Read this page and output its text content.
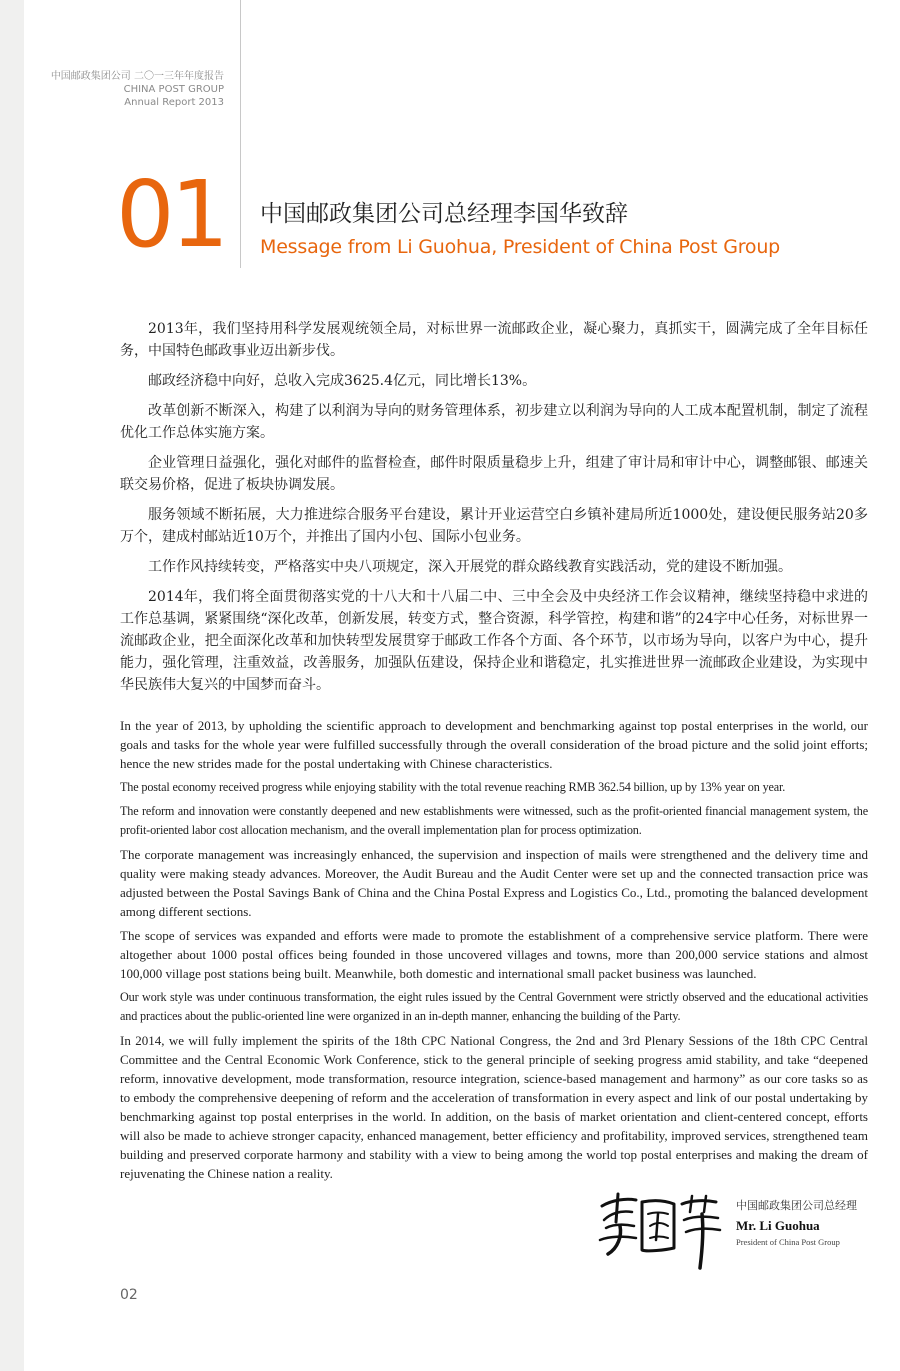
中国邮政集团公司 二〇一三年年度报告
CHINA POST GROUP
Annual Report 2013
01 中国邮政集团公司总经理李国华致辞
Message from Li Guohua, President of China Post Group

2013年，我们坚持用科学发展观统领全局，对标世界一流邮政企业，凝心聚力，真抓实干，圆满完成了全年目标任务，中国特色邮政事业迈出新步伐。

邮政经济稳中向好，总收入完成3625.4亿元，同比增长13%。

改革创新不断深入，构建了以利润为导向的财务管理体系，初步建立以利润为导向的人工成本配置机制，制定了流程优化工作总体实施方案。

企业管理日益强化，强化对邮件的监督检查，邮件时限质量稳步上升，组建了审计局和审计中心，调整邮银、邮速关联交易价格，促进了板块协调发展。

服务领域不断拓展，大力推进综合服务平台建设，累计开业运营空白乡镇补建局所近1000处，建设便民服务站20多万个，建成村邮站近10万个，并推出了国内小包、国际小包业务。

工作作风持续转变，严格落实中央八项规定，深入开展党的群众路线教育实践活动，党的建设不断加强。

2014年，我们将全面贯彻落实党的十八大和十八届二中、三中全会及中央经济工作会议精神，继续坚持稳中求进的工作总基调，紧紧围绕“深化改革，创新发展，转变方式，整合资源，科学管控，构建和谐”的24字中心任务，对标世界一流邮政企业，把全面深化改革和加快转型发展贯穿于邮政工作各个方面、各个环节，以市场为导向，以客户为中心，提升能力，强化管理，注重效益，改善服务，加强队伍建设，保持企业和谐稳定，扎实推进世界一流邮政企业建设，为实现中华民族伟大复兴的中国梦而奋斗。

In the year of 2013, by upholding the scientific approach to development and benchmarking against top postal enterprises in the world, our goals and tasks for the whole year were fulfilled successfully through the overall consideration of the broad picture and the solid joint efforts; hence the new strides made for the postal undertaking with Chinese characteristics.

The postal economy received progress while enjoying stability with the total revenue reaching RMB 362.54 billion, up by 13% year on year.

The reform and innovation were constantly deepened and new establishments were witnessed, such as the profit-oriented financial management system, the profit-oriented labor cost allocation mechanism, and the overall implementation plan for process optimization.

The corporate management was increasingly enhanced, the supervision and inspection of mails were strengthened and the delivery time and quality were making steady advances. Moreover, the Audit Bureau and the Audit Center were set up and the connected transaction price was adjusted between the Postal Savings Bank of China and the China Postal Express and Logistics Co., Ltd., promoting the balanced development among different sections.

The scope of services was expanded and efforts were made to promote the establishment of a comprehensive service platform. There were altogether about 1000 postal offices being founded in those uncovered villages and towns, more than 200,000 service stations and almost 100,000 village post stations being built. Meanwhile, both domestic and international small packet business was launched.

Our work style was under continuous transformation, the eight rules issued by the Central Government were strictly observed and the educational activities and practices about the public-oriented line were organized in an in-depth manner, enhancing the building of the Party.

In 2014, we will fully implement the spirits of the 18th CPC National Congress, the 2nd and 3rd Plenary Sessions of the 18th CPC Central Committee and the Central Economic Work Conference, stick to the general principle of seeking progress amid stability, and take “deepened reform, innovative development, mode transformation, resource integration, science-based management and harmony” as our core tasks so as to embody the comprehensive deepening of reform and the acceleration of transformation in every aspect and link of our postal undertaking by benchmarking against top postal enterprises in the world. In addition, on the basis of market orientation and client-centered concept, efforts will also be made to achieve stronger capacity, enhanced management, better efficiency and profitability, improved services, strengthened team building and preserved corporate harmony and stability with a view to being among the world top postal enterprises and making the dream of rejuvenating the Chinese nation a reality.

中国邮政集团公司总经理
Mr. Li Guohua
President of China Post Group
02
